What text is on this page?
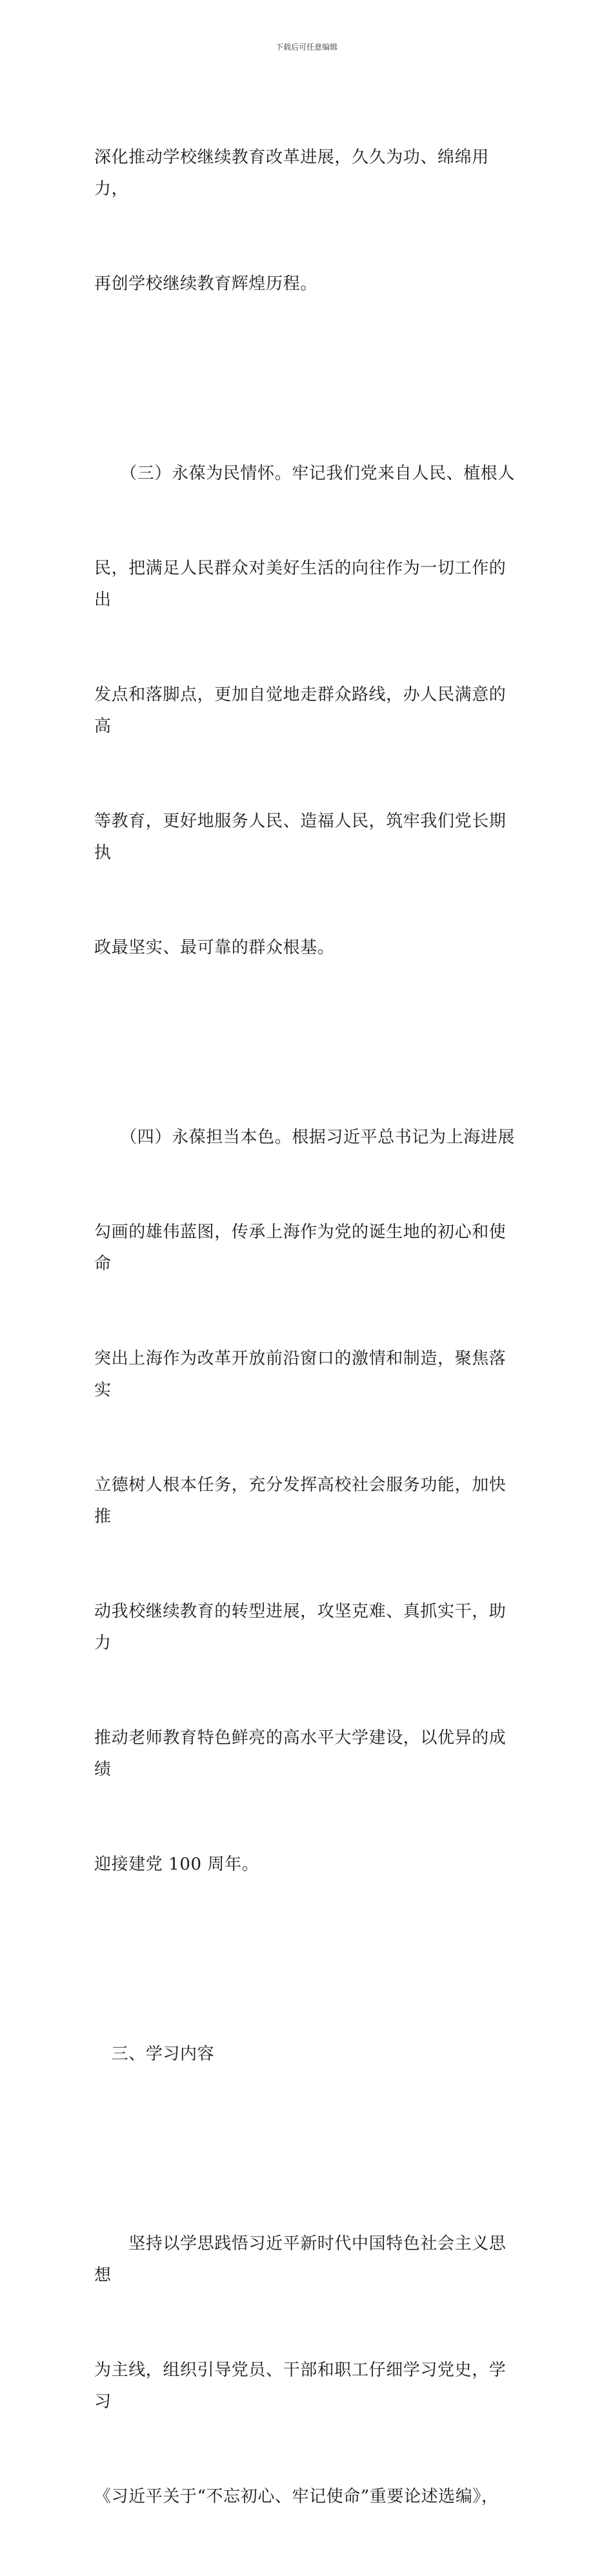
下载后可任意编辑

深化推动学校继续教育改革进展，久久为功、绵绵用力，

再创学校继续教育辉煌历程。

　　（三）永葆为民情怀。牢记我们党来自人民、植根人

民，把满足人民群众对美好生活的向往作为一切工作的出

发点和落脚点，更加自觉地走群众路线，办人民满意的高

等教育，更好地服务人民、造福人民，筑牢我们党长期执

政最坚实、最可靠的群众根基。

　　（四）永葆担当本色。根据习近平总书记为上海进展

勾画的雄伟蓝图，传承上海作为党的诞生地的初心和使命

突出上海作为改革开放前沿窗口的激情和制造，聚焦落实

立德树人根本任务，充分发挥高校社会服务功能，加快推

动我校继续教育的转型进展，攻坚克难、真抓实干，助力

推动老师教育特色鲜亮的高水平大学建设，以优异的成绩

迎接建党 100 周年。

　三、学习内容

　　坚持以学思践悟习近平新时代中国特色社会主义思想

为主线，组织引导党员、干部和职工仔细学习党史，学习

《习近平关于“不忘初心、牢记使命”重要论述选编》，
